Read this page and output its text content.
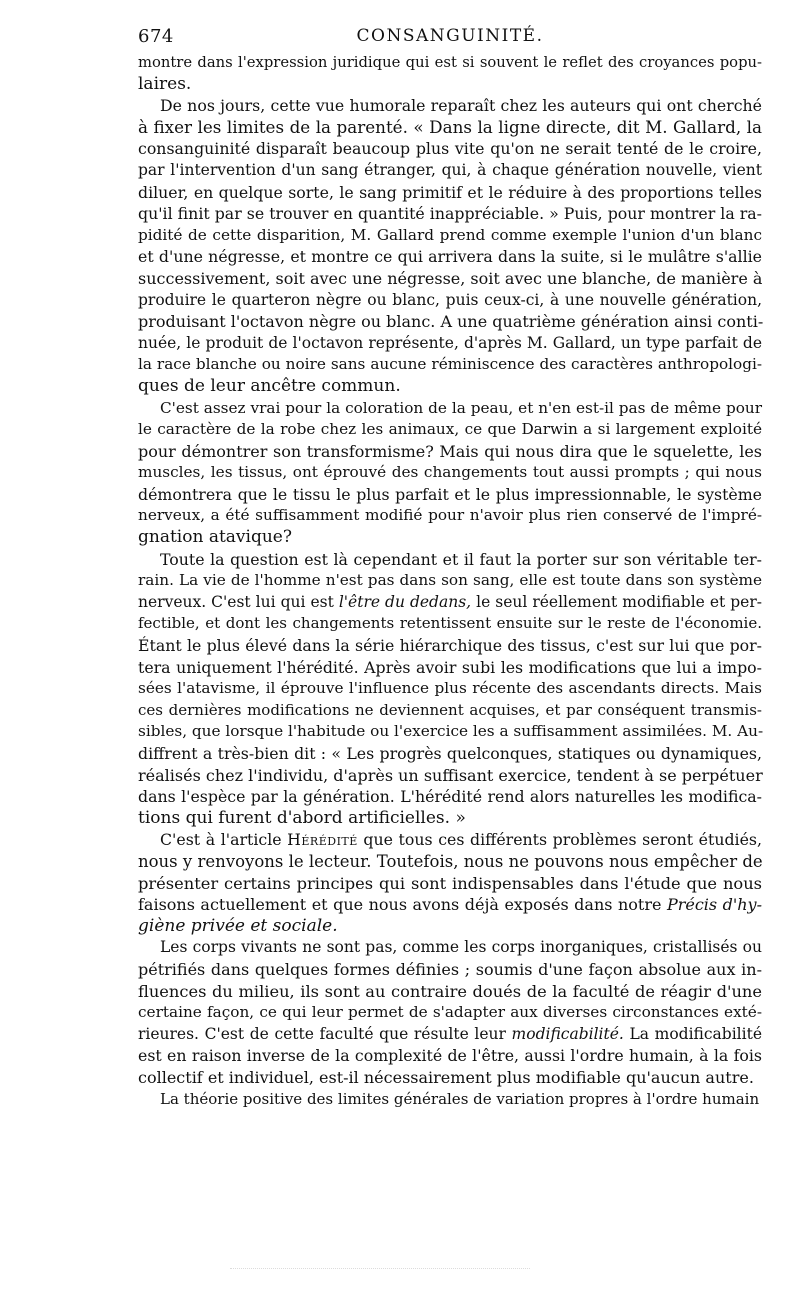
674	CONSANGUINITÉ.

montre dans l'expression juridique qui est si souvent le reflet des croyances popu-
laires.

De nos jours, cette vue humorale reparaît chez les auteurs qui ont cherché
à fixer les limites de la parenté. « Dans la ligne directe, dit M. Gallard, la
consanguinité disparaît beaucoup plus vite qu'on ne serait tenté de le croire,
par l'intervention d'un sang étranger, qui, à chaque génération nouvelle, vient
diluer, en quelque sorte, le sang primitif et le réduire à des proportions telles
qu'il finit par se trouver en quantité inappréciable. » Puis, pour montrer la ra-
pidité de cette disparition, M. Gallard prend comme exemple l'union d'un blanc
et d'une négresse, et montre ce qui arrivera dans la suite, si le mulâtre s'allie
successivement, soit avec une négresse, soit avec une blanche, de manière à
produire le quarteron nègre ou blanc, puis ceux-ci, à une nouvelle génération,
produisant l'octavon nègre ou blanc. A une quatrième génération ainsi conti-
nuée, le produit de l'octavon représente, d'après M. Gallard, un type parfait de
la race blanche ou noire sans aucune réminiscence des caractères anthropologi-
ques de leur ancêtre commun.

C'est assez vrai pour la coloration de la peau, et n'en est-il pas de même pour
le caractère de la robe chez les animaux, ce que Darwin a si largement exploité
pour démontrer son transformisme? Mais qui nous dira que le squelette, les
muscles, les tissus, ont éprouvé des changements tout aussi prompts ; qui nous
démontrera que le tissu le plus parfait et le plus impressionnable, le système
nerveux, a été suffisamment modifié pour n'avoir plus rien conservé de l'impré-
gnation atavique?

Toute la question est là cependant et il faut la porter sur son véritable ter-
rain. La vie de l'homme n'est pas dans son sang, elle est toute dans son système
nerveux. C'est lui qui est l'être du dedans, le seul réellement modifiable et per-
fectible, et dont les changements retentissent ensuite sur le reste de l'économie.
Étant le plus élevé dans la série hiérarchique des tissus, c'est sur lui que por-
tera uniquement l'hérédité. Après avoir subi les modifications que lui a impo-
sées l'atavisme, il éprouve l'influence plus récente des ascendants directs. Mais
ces dernières modifications ne deviennent acquises, et par conséquent transmis-
sibles, que lorsque l'habitude ou l'exercice les a suffisamment assimilées. M. Au-
diffrent a très-bien dit : « Les progrès quelconques, statiques ou dynamiques,
réalisés chez l'individu, d'après un suffisant exercice, tendent à se perpétuer
dans l'espèce par la génération. L'hérédité rend alors naturelles les modifica-
tions qui furent d'abord artificielles. »

C'est à l'article Hérédité que tous ces différents problèmes seront étudiés,
nous y renvoyons le lecteur. Toutefois, nous ne pouvons nous empêcher de
présenter certains principes qui sont indispensables dans l'étude que nous
faisons actuellement et que nous avons déjà exposés dans notre Précis d'hy-
giène privée et sociale.

Les corps vivants ne sont pas, comme les corps inorganiques, cristallisés ou
pétrifiés dans quelques formes définies ; soumis d'une façon absolue aux in-
fluences du milieu, ils sont au contraire doués de la faculté de réagir d'une
certaine façon, ce qui leur permet de s'adapter aux diverses circonstances exté-
rieures. C'est de cette faculté que résulte leur modificabilité. La modificabilité
est en raison inverse de la complexité de l'être, aussi l'ordre humain, à la fois
collectif et individuel, est-il nécessairement plus modifiable qu'aucun autre.

La théorie positive des limites générales de variation propres à l'ordre humain
